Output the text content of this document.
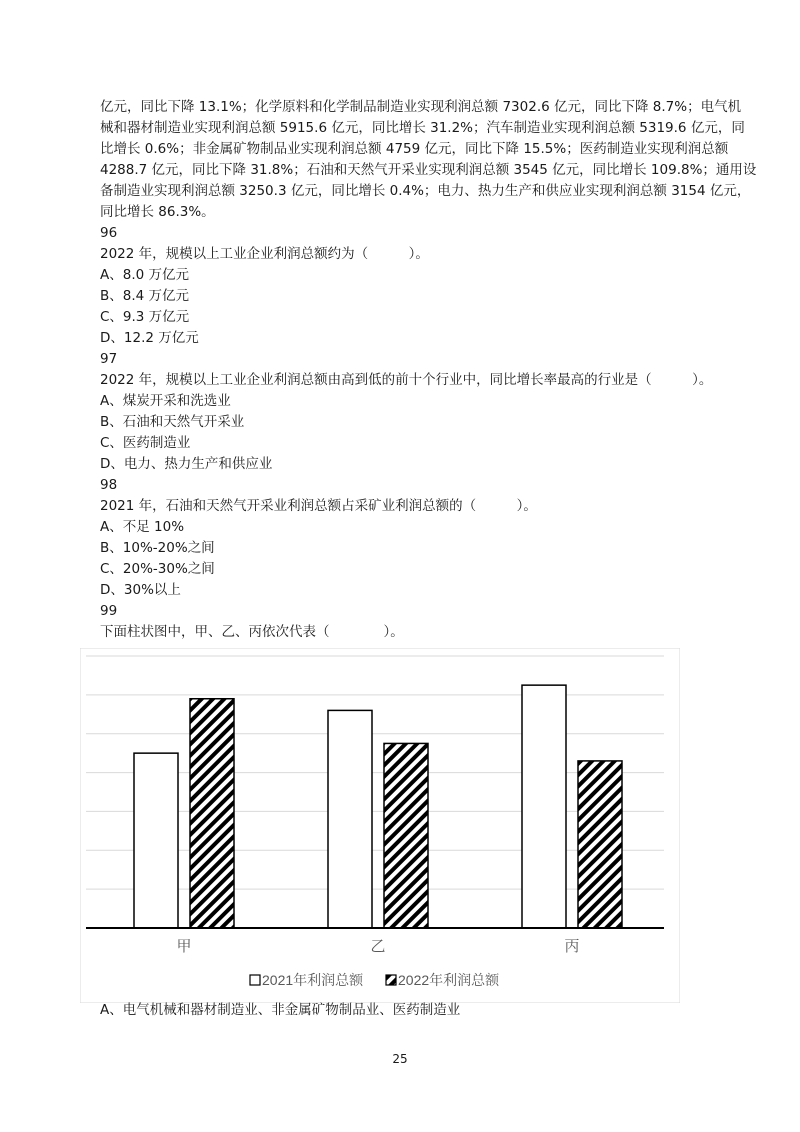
亿元，同比下降 13.1%；化学原料和化学制品制造业实现利润总额 7302.6 亿元，同比下降 8.7%；电气机
械和器材制造业实现利润总额 5915.6 亿元，同比增长 31.2%；汽车制造业实现利润总额 5319.6 亿元，同
比增长 0.6%；非金属矿物制品业实现利润总额 4759 亿元，同比下降 15.5%；医药制造业实现利润总额
4288.7 亿元，同比下降 31.8%；石油和天然气开采业实现利润总额 3545 亿元，同比增长 109.8%；通用设
备制造业实现利润总额 3250.3 亿元，同比增长 0.4%；电力、热力生产和供应业实现利润总额 3154 亿元，
同比增长 86.3%。
96
2022 年，规模以上工业企业利润总额约为（　　　）。
A、8.0 万亿元
B、8.4 万亿元
C、9.3 万亿元
D、12.2 万亿元
97
2022 年，规模以上工业企业利润总额由高到低的前十个行业中，同比增长率最高的行业是（　　　）。
A、煤炭开采和洗选业
B、石油和天然气开采业
C、医药制造业
D、电力、热力生产和供应业
98
2021 年，石油和天然气开采业利润总额占采矿业利润总额的（　　　）。
A、不足 10%
B、10%-20%之间
C、20%-30%之间
D、30%以上
99
下面柱状图中，甲、乙、丙依次代表（　　　　）。
甲	乙	丙
2021年利润总额 2022年利润总额
A、电气机械和器材制造业、非金属矿物制品业、医药制造业
25
